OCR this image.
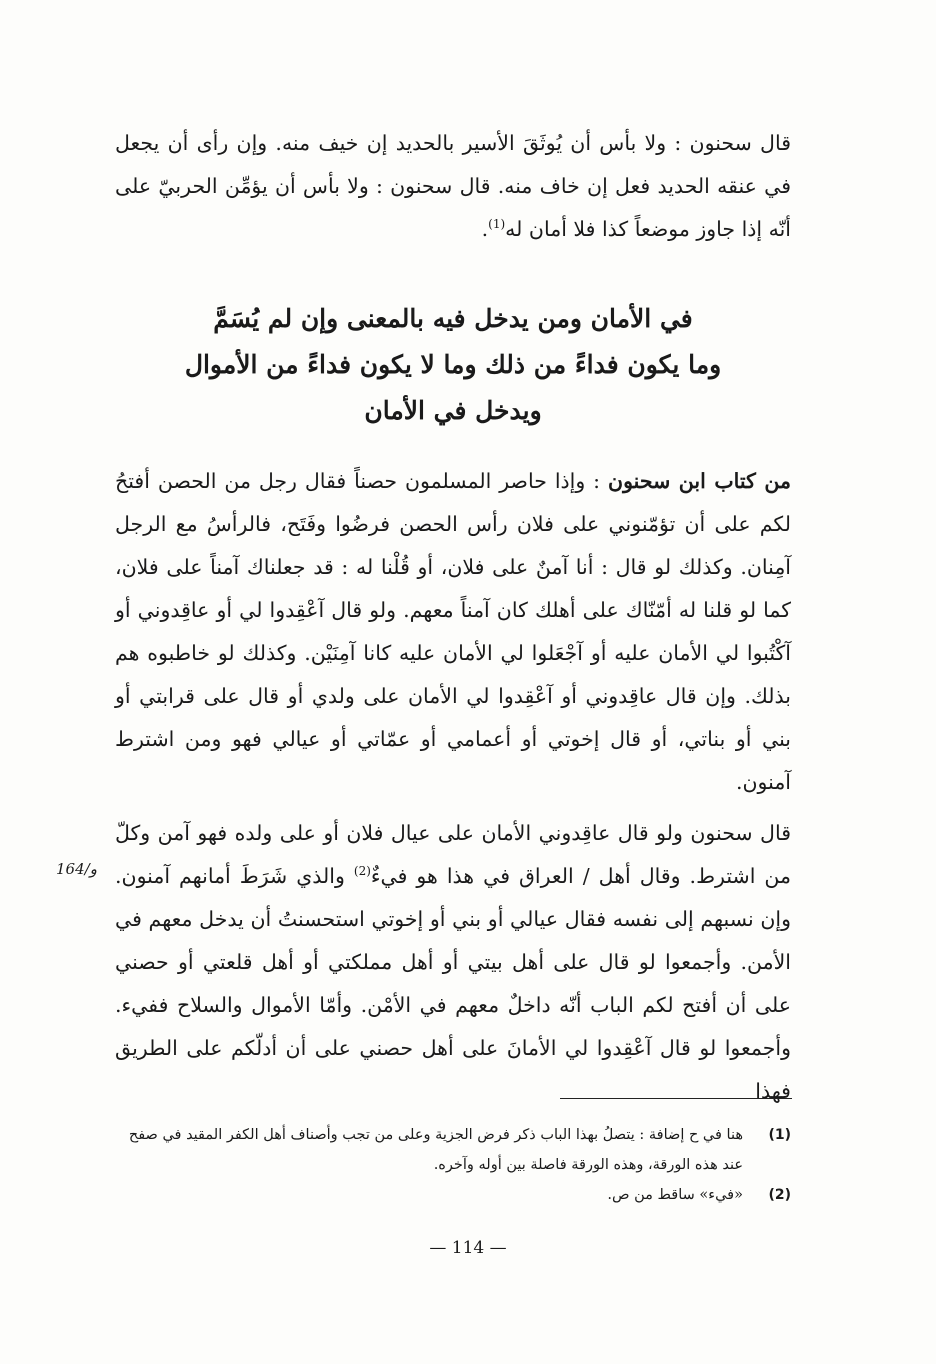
قال سحنون : ولا بأس أن يُوثَقَ الأسير بالحديد إن خيف منه. وإن رأى أن يجعل في عنقه الحديد فعل إن خاف منه. قال سحنون : ولا بأس أن يؤمِّن الحربيّ على أنّه إذا جاوز موضعاً كذا فلا أمان له$^{(1)}$.
في الأمان ومن يدخل فيه بالمعنى وإن لم يُسَمَّ
وما يكون فداءً من ذلك وما لا يكون فداءً من الأموال
ويدخل في الأمان
من كتاب ابن سحنون : وإذا حاصر المسلمون حصناً فقال رجل من الحصن أفتحُ لكم على أن تؤمّنوني على فلان رأس الحصن فرضُوا وفَتَح، فالرأسُ مع الرجل آمِنان. وكذلك لو قال : أنا آمنٌ على فلان، أو قُلْنا له : قد جعلناك آمناً على فلان، كما لو قلنا له أمّنّاك على أهلك كان آمناً معهم. ولو قال آعْقِدوا لي أو عاقِدوني أو آكْتُبوا لي الأمان عليه أو آجْعَلوا لي الأمان عليه كانا آمِنَيْن. وكذلك لو خاطبوه هم بذلك. وإن قال عاقِدوني أو آعْقِدوا لي الأمان على ولدي أو قال على قرابتي أو بني أو بناتي، أو قال إخوتي أو أعمامي أو عمّاتي أو عيالي فهو ومن اشترط آمنون.
قال سحنون ولو قال عاقِدوني الأمان على عيال فلان أو على ولده فهو آمن وكلّ من اشترط. وقال أهل / العراق في هذا هو فيءٌ$^{(2)}$ والذي شَرَطَ أمانهم آمنون. وإن نسبهم إلى نفسه فقال عيالي أو بني أو إخوتي استحسنتُ أن يدخل معهم في الأمن. وأجمعوا لو قال على أهل بيتي أو أهل مملكتي أو أهل قلعتي أو حصني على أن أفتح لكم الباب أنّه داخلٌ معهم في الأمْن. وأمّا الأموال والسلاح ففيء. وأجمعوا لو قال آعْقِدوا لي الأمانَ على أهل حصني على أن أدلّكم على الطريق فهذا
164/و
(1)
هنا في ح إضافة : يتصلُ بهذا الباب ذكر فرض الجزية وعلى من تجب وأصناف أهل الكفر المقيد في صفح عند هذه الورقة، وهذه الورقة فاصلة بين أوله وآخره.
(2)
«فيء» ساقط من ص.
— 114 —
